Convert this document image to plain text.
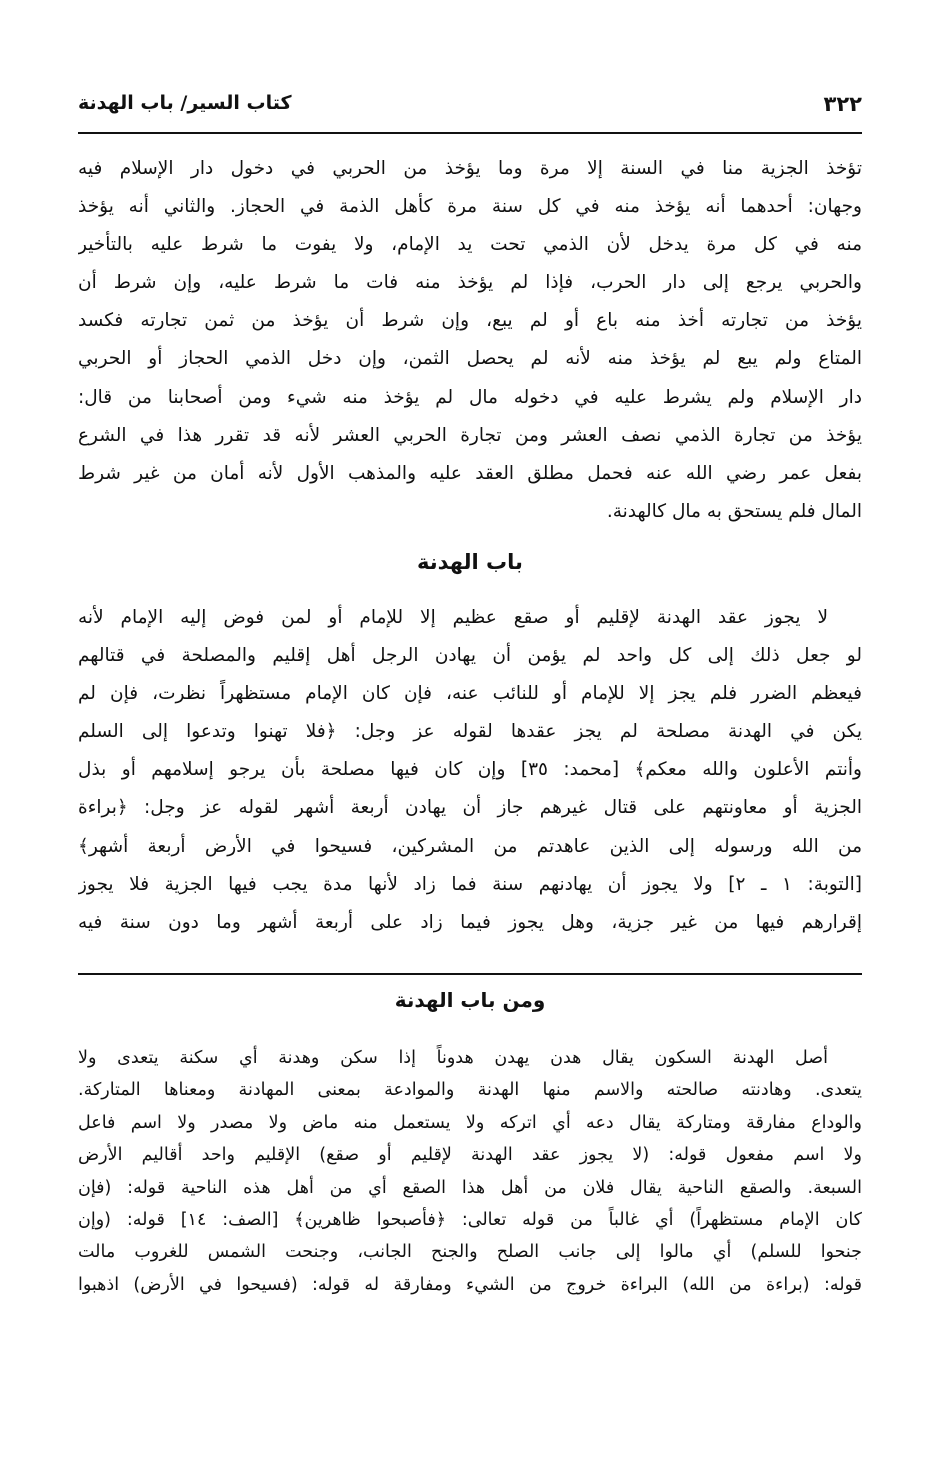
٣٢٢
كتاب السير/ باب الهدنة
تؤخذ الجزية منا في السنة إلا مرة وما يؤخذ من الحربي في دخول دار الإسلام فيه
وجهان: أحدهما أنه يؤخذ منه في كل سنة مرة كأهل الذمة في الحجاز. والثاني أنه يؤخذ
منه في كل مرة يدخل لأن الذمي تحت يد الإمام، ولا يفوت ما شرط عليه بالتأخير
والحربي يرجع إلى دار الحرب، فإذا لم يؤخذ منه فات ما شرط عليه، وإن شرط أن
يؤخذ من تجارته أخذ منه باع أو لم يبع، وإن شرط أن يؤخذ من ثمن تجارته فكسد
المتاع ولم يبع لم يؤخذ منه لأنه لم يحصل الثمن، وإن دخل الذمي الحجاز أو الحربي
دار الإسلام ولم يشرط عليه في دخوله مال لم يؤخذ منه شيء ومن أصحابنا من قال:
يؤخذ من تجارة الذمي نصف العشر ومن تجارة الحربي العشر لأنه قد تقرر هذا في الشرع
بفعل عمر رضي الله عنه فحمل مطلق العقد عليه والمذهب الأول لأنه أمان من غير شرط
المال فلم يستحق به مال كالهدنة.
باب الهدنة
لا يجوز عقد الهدنة لإقليم أو صقع عظيم إلا للإمام أو لمن فوض إليه الإمام لأنه
لو جعل ذلك إلى كل واحد لم يؤمن أن يهادن الرجل أهل إقليم والمصلحة في قتالهم
فيعظم الضرر فلم يجز إلا للإمام أو للنائب عنه، فإن كان الإمام مستظهراً نظرت، فإن لم
يكن في الهدنة مصلحة لم يجز عقدها لقوله عز وجل: ﴿فلا تهنوا وتدعوا إلى السلم
وأنتم الأعلون والله معكم﴾ [محمد: ٣٥] وإن كان فيها مصلحة بأن يرجو إسلامهم أو بذل
الجزية أو معاونتهم على قتال غيرهم جاز أن يهادن أربعة أشهر لقوله عز وجل: ﴿براءة
من الله ورسوله إلى الذين عاهدتم من المشركين، فسيحوا في الأرض أربعة أشهر﴾
[التوبة: ١ ـ ٢] ولا يجوز أن يهادنهم سنة فما زاد لأنها مدة يجب فيها الجزية فلا يجوز
إقرارهم فيها من غير جزية، وهل يجوز فيما زاد على أربعة أشهر وما دون سنة فيه
ومن باب الهدنة
أصل الهدنة السكون يقال هدن يهدن هدوناً إذا سكن وهدنة أي سكنة يتعدى ولا
يتعدى. وهادنته صالحته والاسم منها الهدنة والموادعة بمعنى المهادنة ومعناها المتاركة.
والوداع مفارقة ومتاركة يقال دعه أي اتركه ولا يستعمل منه ماض ولا مصدر ولا اسم فاعل
ولا اسم مفعول قوله: (لا يجوز عقد الهدنة لإقليم أو صقع) الإقليم واحد أقاليم الأرض
السبعة. والصقع الناحية يقال فلان من أهل هذا الصقع أي من أهل هذه الناحية قوله: (فإن
كان الإمام مستظهراً) أي غالباً من قوله تعالى: ﴿فأصبحوا ظاهرين﴾ [الصف: ١٤] قوله: (وإن
جنحوا للسلم) أي مالوا إلى جانب الصلح والجنح الجانب، وجنحت الشمس للغروب مالت
قوله: (براءة من الله) البراءة خروج من الشيء ومفارقة له قوله: (فسيحوا في الأرض) اذهبوا
